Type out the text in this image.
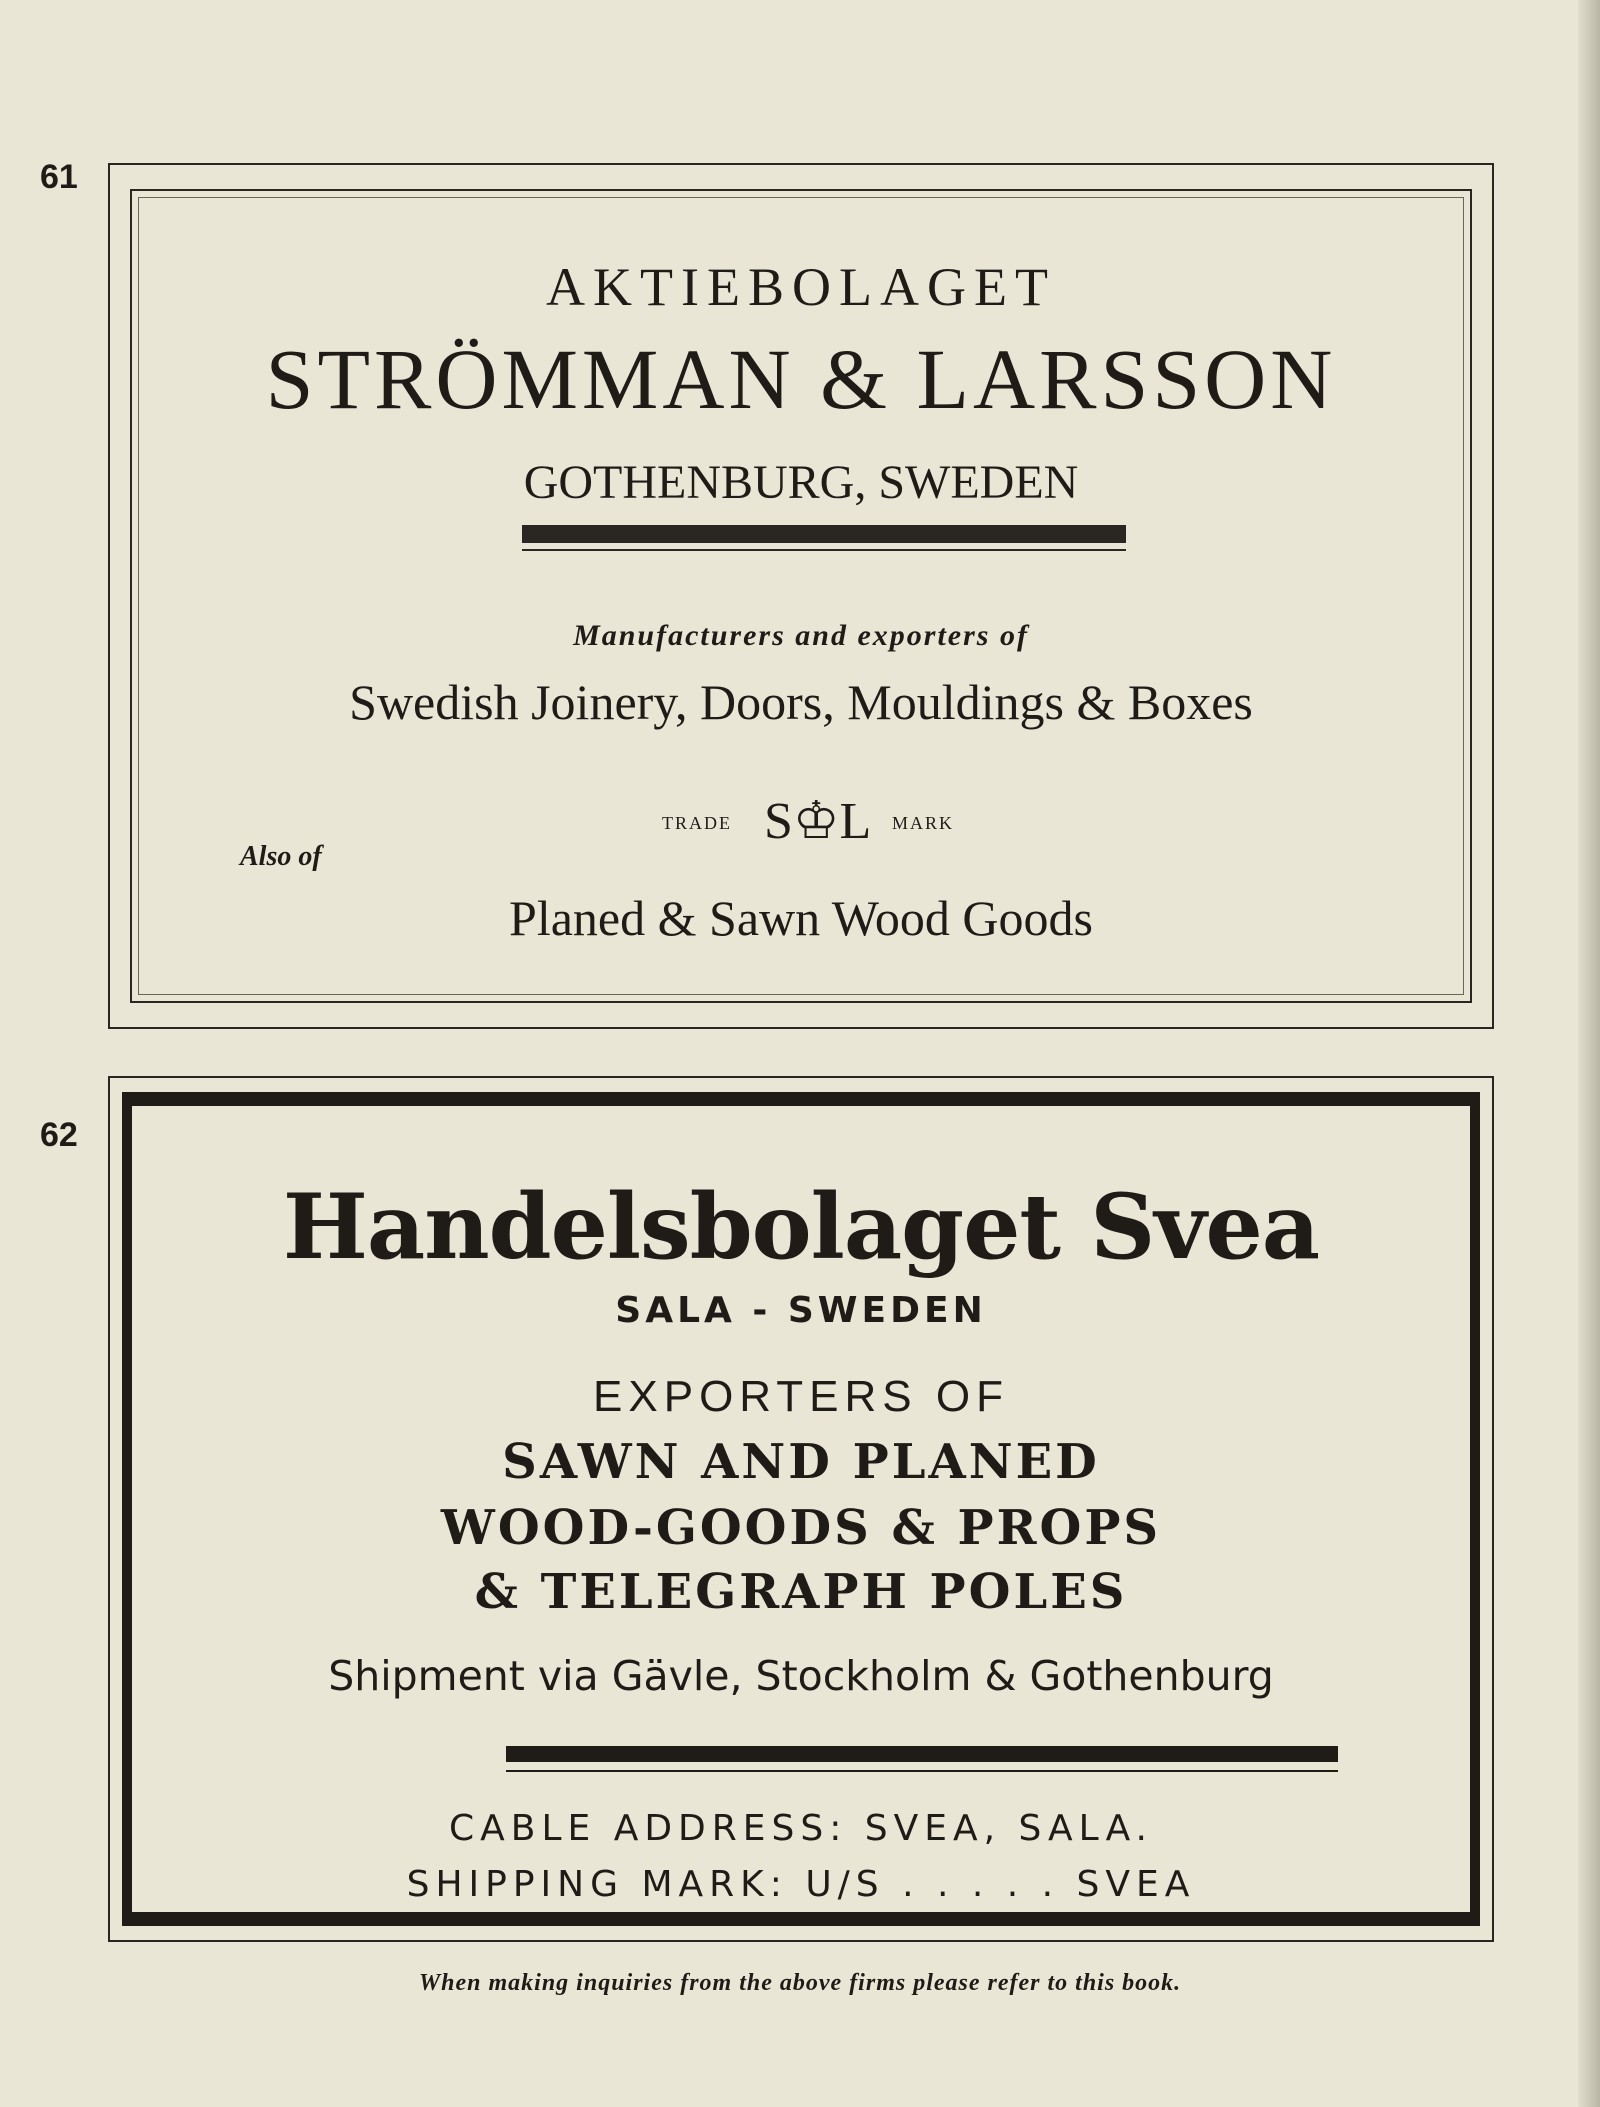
61
62
AKTIEBOLAGET
STRÖMMAN & LARSSON
GOTHENBURG, SWEDEN
Manufacturers and exporters of
Swedish Joinery, Doors, Mouldings & Boxes
TRADE S♔L MARK
Also of
Planed & Sawn Wood Goods
Handelsbolaget Svea
SALA - SWEDEN
EXPORTERS OF
SAWN AND PLANED
WOOD-GOODS & PROPS
& TELEGRAPH POLES
Shipment via Gävle, Stockholm & Gothenburg
CABLE ADDRESS: SVEA, SALA.
SHIPPING MARK: U/S . . . . . SVEA
When making inquiries from the above firms please refer to this book.
